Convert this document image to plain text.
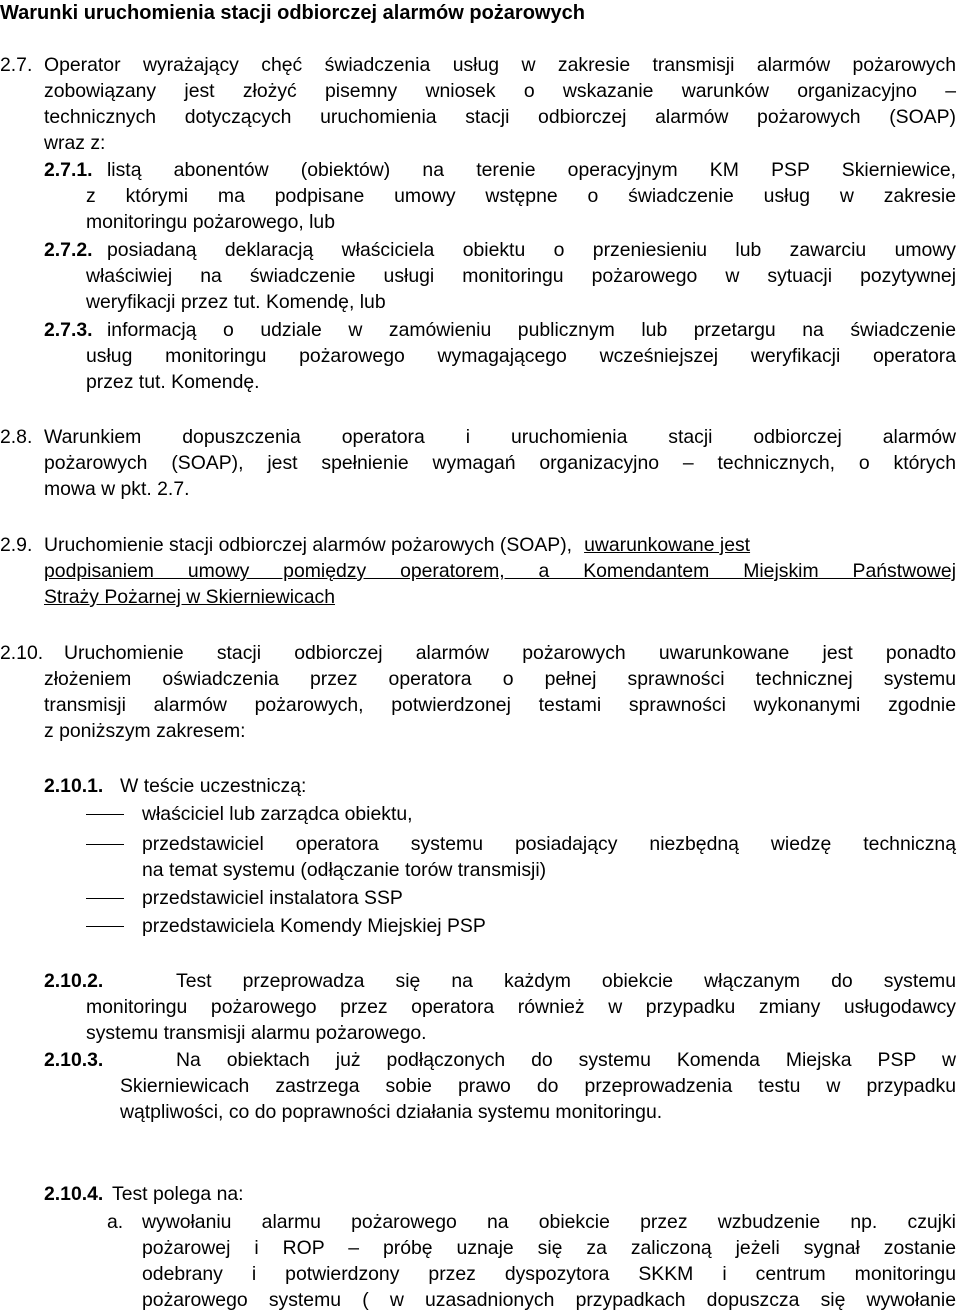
Warunki uruchomienia stacji odbiorczej alarmów pożarowych
2.7. Operator wyrażający chęć świadczenia usług w zakresie transmisji alarmów pożarowych
zobowiązany jest złożyć pisemny wniosek o wskazanie warunków organizacyjno –
technicznych dotyczących uruchomienia stacji odbiorczej alarmów pożarowych (SOAP)
wraz z:
2.7.1. listą abonentów (obiektów) na terenie operacyjnym KM PSP Skierniewice,
z którymi ma podpisane umowy wstępne o świadczenie usług w zakresie
monitoringu pożarowego, lub
2.7.2. posiadaną deklaracją właściciela obiektu o przeniesieniu lub zawarciu umowy
właściwiej na świadczenie usługi monitoringu pożarowego w sytuacji pozytywnej
weryfikacji przez tut. Komendę, lub
2.7.3. informacją o udziale w zamówieniu publicznym lub przetargu na świadczenie
usług monitoringu pożarowego wymagającego wcześniejszej weryfikacji operatora
przez tut. Komendę.
2.8. Warunkiem dopuszczenia operatora i uruchomienia stacji odbiorczej alarmów
pożarowych (SOAP), jest spełnienie wymagań organizacyjno – technicznych, o których
mowa w pkt. 2.7.
2.9. Uruchomienie stacji odbiorczej alarmów pożarowych (SOAP), uwarunkowane jest
podpisaniem umowy pomiędzy operatorem, a Komendantem Miejskim Państwowej
Straży Pożarnej w Skierniewicach
2.10. Uruchomienie stacji odbiorczej alarmów pożarowych uwarunkowane jest ponadto
złożeniem oświadczenia przez operatora o pełnej sprawności technicznej systemu
transmisji alarmów pożarowych, potwierdzonej testami sprawności wykonanymi zgodnie
z poniższym zakresem:
2.10.1. W teście uczestniczą:
właściciel lub zarządca obiektu,
przedstawiciel operatora systemu posiadający niezbędną wiedzę techniczną
na temat systemu (odłączanie torów transmisji)
przedstawiciel instalatora SSP
przedstawiciela Komendy Miejskiej PSP
2.10.2.	Test przeprowadza się na każdym obiekcie włączanym do systemu
monitoringu pożarowego przez operatora również w przypadku zmiany usługodawcy
systemu transmisji alarmu pożarowego.
2.10.3.	Na obiektach już podłączonych do systemu Komenda Miejska PSP w
Skierniewicach zastrzega sobie prawo do przeprowadzenia testu w przypadku
wątpliwości, co do poprawności działania systemu monitoringu.
2.10.4. Test polega na:
a. wywołaniu alarmu pożarowego na obiekcie przez wzbudzenie np. czujki
pożarowej i ROP – próbę uznaje się za zaliczoną jeżeli sygnał zostanie
odebrany i potwierdzony przez dyspozytora SKKM i centrum monitoringu
pożarowego systemu ( w uzasadnionych przypadkach dopuszcza się wywołanie
